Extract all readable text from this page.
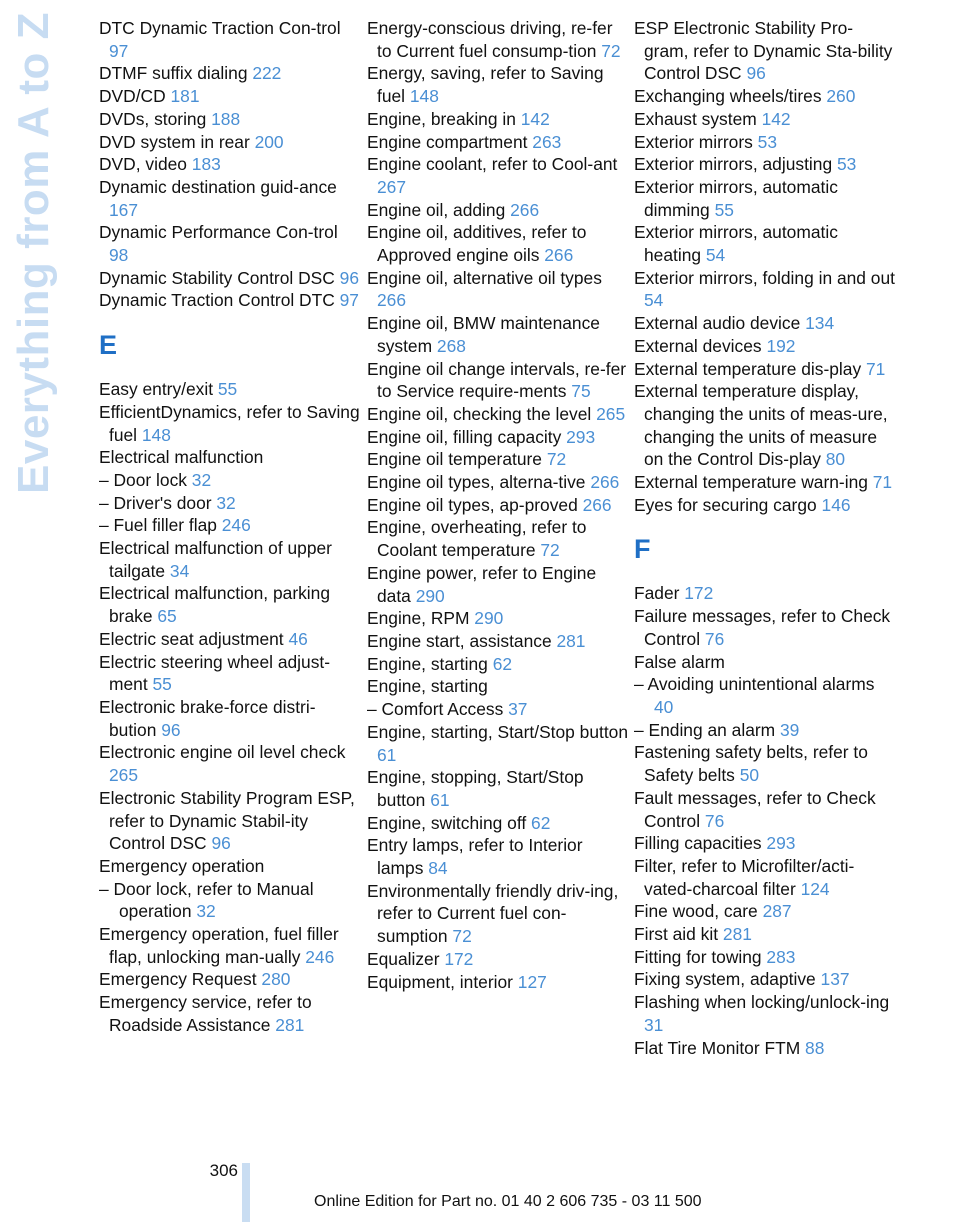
Everything from A to Z	DTC Dynamic Traction Con-trol 97
DTMF suffix dialing 222
DVD/CD 181
DVDs, storing 188
DVD system in rear 200
DVD, video 183
Dynamic destination guid-ance 167
Dynamic Performance Con-trol 98
Dynamic Stability Control DSC 96
Dynamic Traction Control DTC 97
E
Easy entry/exit 55
EfficientDynamics, refer to Saving fuel 148
Electrical malfunction
– Door lock 32
– Driver's door 32
– Fuel filler flap 246
Electrical malfunction of upper tailgate 34
Electrical malfunction, parking brake 65
Electric seat adjustment 46
Electric steering wheel adjust-ment 55
Electronic brake-force distri-bution 96
Electronic engine oil level check 265
Electronic Stability Program ESP, refer to Dynamic Stabil-ity Control DSC 96
Emergency operation
– Door lock, refer to Manual operation 32
Emergency operation, fuel filler flap, unlocking man-ually 246
Emergency Request 280
Emergency service, refer to Roadside Assistance 281
Energy-conscious driving, re-fer to Current fuel consump-tion 72
Energy, saving, refer to Saving fuel 148
Engine, breaking in 142
Engine compartment 263
Engine coolant, refer to Cool-ant 267
Engine oil, adding 266
Engine oil, additives, refer to Approved engine oils 266
Engine oil, alternative oil types 266
Engine oil, BMW maintenance system 268
Engine oil change intervals, re-fer to Service require-ments 75
Engine oil, checking the level 265
Engine oil, filling capacity 293
Engine oil temperature 72
Engine oil types, alterna-tive 266
Engine oil types, ap-proved 266
Engine, overheating, refer to Coolant temperature 72
Engine power, refer to Engine data 290
Engine, RPM 290
Engine start, assistance 281
Engine, starting 62
Engine, starting
– Comfort Access 37
Engine, starting, Start/Stop button 61
Engine, stopping, Start/Stop button 61
Engine, switching off 62
Entry lamps, refer to Interior lamps 84
Environmentally friendly driv-ing, refer to Current fuel con-sumption 72
Equalizer 172
Equipment, interior 127
ESP Electronic Stability Pro-gram, refer to Dynamic Sta-bility Control DSC 96
Exchanging wheels/tires 260
Exhaust system 142
Exterior mirrors 53
Exterior mirrors, adjusting 53
Exterior mirrors, automatic dimming 55
Exterior mirrors, automatic heating 54
Exterior mirrors, folding in and out 54
External audio device 134
External devices 192
External temperature dis-play 71
External temperature display, changing the units of meas-ure, changing the units of measure on the Control Dis-play 80
External temperature warn-ing 71
Eyes for securing cargo 146
F
Fader 172
Failure messages, refer to Check Control 76
False alarm
– Avoiding unintentional alarms 40
– Ending an alarm 39
Fastening safety belts, refer to Safety belts 50
Fault messages, refer to Check Control 76
Filling capacities 293
Filter, refer to Microfilter/acti-vated-charcoal filter 124
Fine wood, care 287
First aid kit 281
Fitting for towing 283
Fixing system, adaptive 137
Flashing when locking/unlock-ing 31
Flat Tire Monitor FTM 88
306
Online Edition for Part no. 01 40 2 606 735 - 03 11 500
